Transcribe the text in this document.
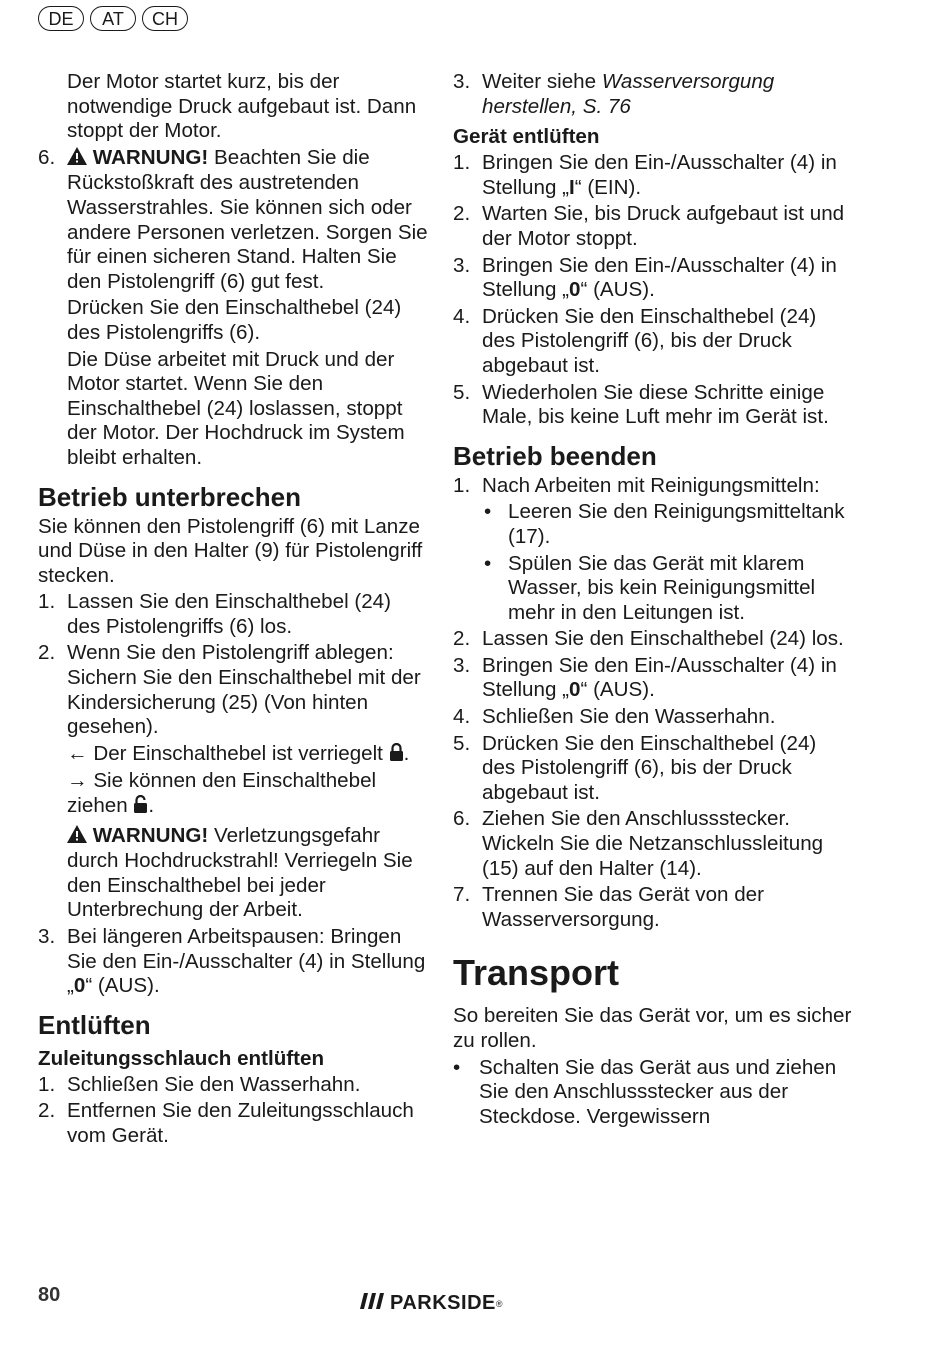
DE	AT	CH

Der Motor startet kurz, bis der notwendige Druck aufgebaut ist. Dann stoppt der Motor.

6.	WARNUNG! Beachten Sie die Rückstoßkraft des austretenden Wasserstrahles. Sie können sich oder andere Personen verletzen. Sorgen Sie für einen sicheren Stand. Halten Sie den Pistolengriff (6) gut fest.

Drücken Sie den Einschalthebel (24) des Pistolengriffs (6).

Die Düse arbeitet mit Druck und der Motor startet. Wenn Sie den Einschalthebel (24) loslassen, stoppt der Motor. Der Hochdruck im System bleibt erhalten.

Betrieb unterbrechen

Sie können den Pistolengriff (6) mit Lanze und Düse in den Halter (9) für Pistolengriff stecken.

1. Lassen Sie den Einschalthebel (24) des Pistolengriffs (6) los.
2. Wenn Sie den Pistolengriff ablegen: Sichern Sie den Einschalthebel mit der Kindersicherung (25) (Von hinten gesehen).

← Der Einschalthebel ist verriegelt .

→ Sie können den Einschalthebel ziehen .

WARNUNG! Verletzungsgefahr durch Hochdruckstrahl! Verriegeln Sie den Einschalthebel bei jeder Unterbrechung der Arbeit.

3. Bei längeren Arbeitspausen: Bringen Sie den Ein-/Ausschalter (4) in Stellung „0“ (AUS).
Entlüften
Zuleitungsschlauch entlüften
1. Schließen Sie den Wasserhahn.
2. Entfernen Sie den Zuleitungsschlauch vom Gerät.
3. Weiter siehe Wasserversorgung herstellen, S. 76
Gerät entlüften
1. Bringen Sie den Ein-/Ausschalter (4) in Stellung „I“ (EIN).
2. Warten Sie, bis Druck aufgebaut ist und der Motor stoppt.
3. Bringen Sie den Ein-/Ausschalter (4) in Stellung „0“ (AUS).
4. Drücken Sie den Einschalthebel (24) des Pistolengriff (6), bis der Druck abgebaut ist.
5. Wiederholen Sie diese Schritte einige Male, bis keine Luft mehr im Gerät ist.
Betrieb beenden
1. Nach Arbeiten mit Reinigungsmitteln:
• Leeren Sie den Reinigungsmitteltank (17).
• Spülen Sie das Gerät mit klarem Wasser, bis kein Reinigungsmittel mehr in den Leitungen ist.
2. Lassen Sie den Einschalthebel (24) los.
3. Bringen Sie den Ein-/Ausschalter (4) in Stellung „0“ (AUS).
4. Schließen Sie den Wasserhahn.
5. Drücken Sie den Einschalthebel (24) des Pistolengriff (6), bis der Druck abgebaut ist.
6. Ziehen Sie den Anschlussstecker. Wickeln Sie die Netzanschlussleitung (15) auf den Halter (14).
7. Trennen Sie das Gerät von der Wasserversorgung.
Transport

So bereiten Sie das Gerät vor, um es sicher zu rollen.

• Schalten Sie das Gerät aus und ziehen Sie den Anschlussstecker aus der Steckdose. Vergewissern
80	PARKSIDE ®
